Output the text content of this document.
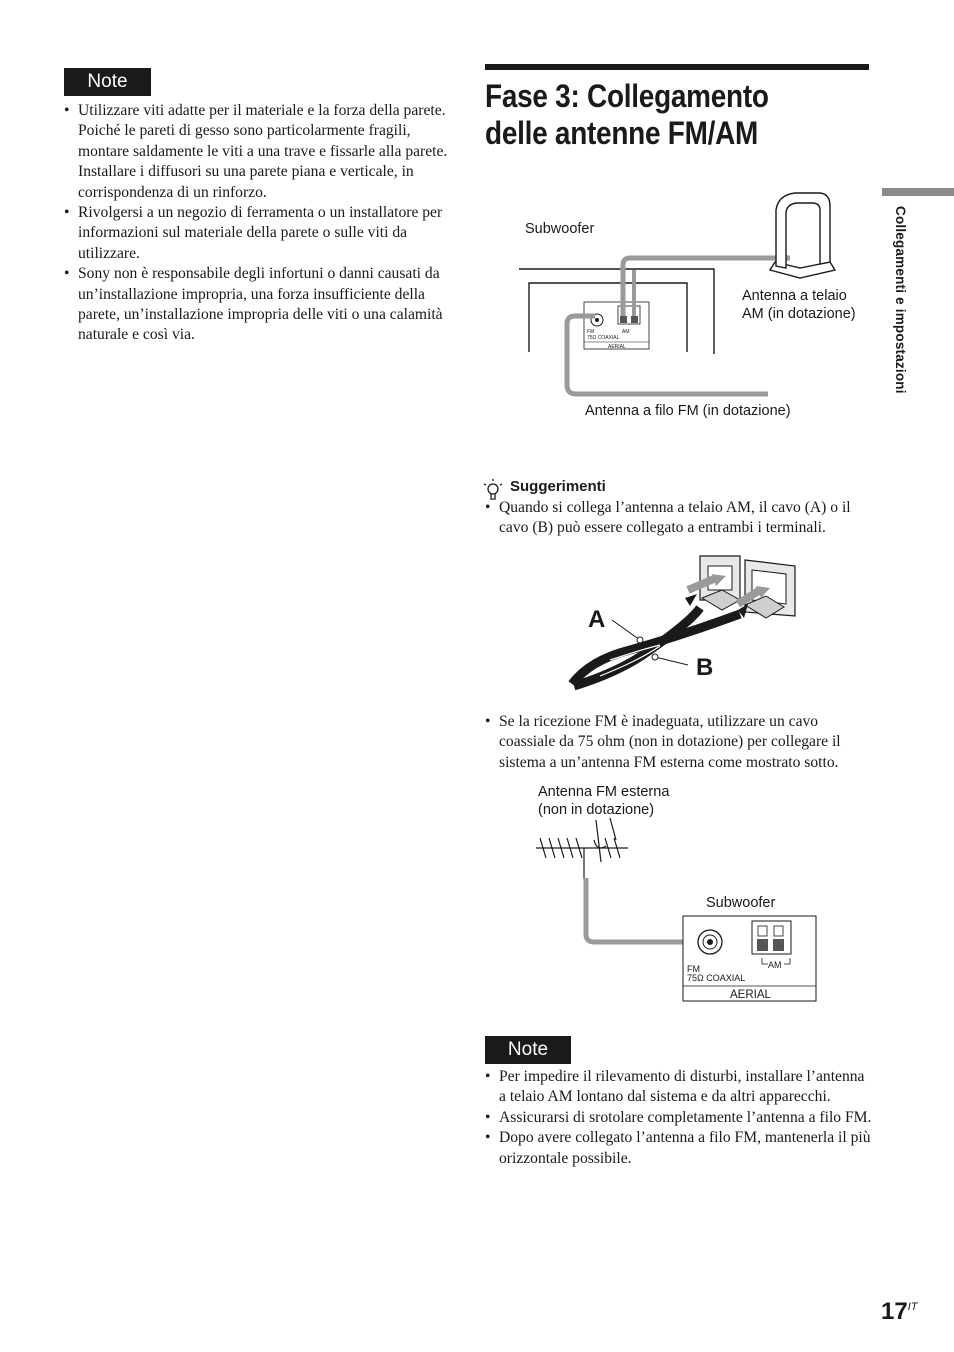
Note
• Utilizzare viti adatte per il materiale e la forza della parete. Poiché le pareti di gesso sono particolarmente fragili, montare saldamente le viti a una trave e fissarle alla parete. Installare i diffusori su una parete piana e verticale, in corrispondenza di un rinforzo.
• Rivolgersi a un negozio di ferramenta o un installatore per informazioni sul materiale della parete o sulle viti da utilizzare.
• Sony non è responsabile degli infortuni o danni causati da un’installazione impropria, una forza insufficiente della parete, un’installazione impropria delle viti o una calamità naturale e così via.
Fase 3: Collegamento delle antenne FM/AM
Collegamenti e impostazioni
Subwoofer
Antenna a telaio
AM (in dotazione)
Antenna a filo FM (in dotazione)
FM
75Ω COAXIAL
AM
AERIAL
AM
FM
75Ω COAXIAL
AERIAL
A
B
Suggerimenti
• Quando si collega l’antenna a telaio AM, il cavo (A) o il cavo (B) può essere collegato a entrambi i terminali.
• Se la ricezione FM è inadeguata, utilizzare un cavo coassiale da 75 ohm (non in dotazione) per collegare il sistema a un’antenna FM esterna come mostrato sotto.
Antenna FM esterna
(non in dotazione)
Subwoofer
Note
• Per impedire il rilevamento di disturbi, installare l’antenna a telaio AM lontano dal sistema e da altri apparecchi.
• Assicurarsi di srotolare completamente l’antenna a filo FM.
• Dopo avere collegato l’antenna a filo FM, mantenerla il più orizzontale possibile.
$17^{IT}$
